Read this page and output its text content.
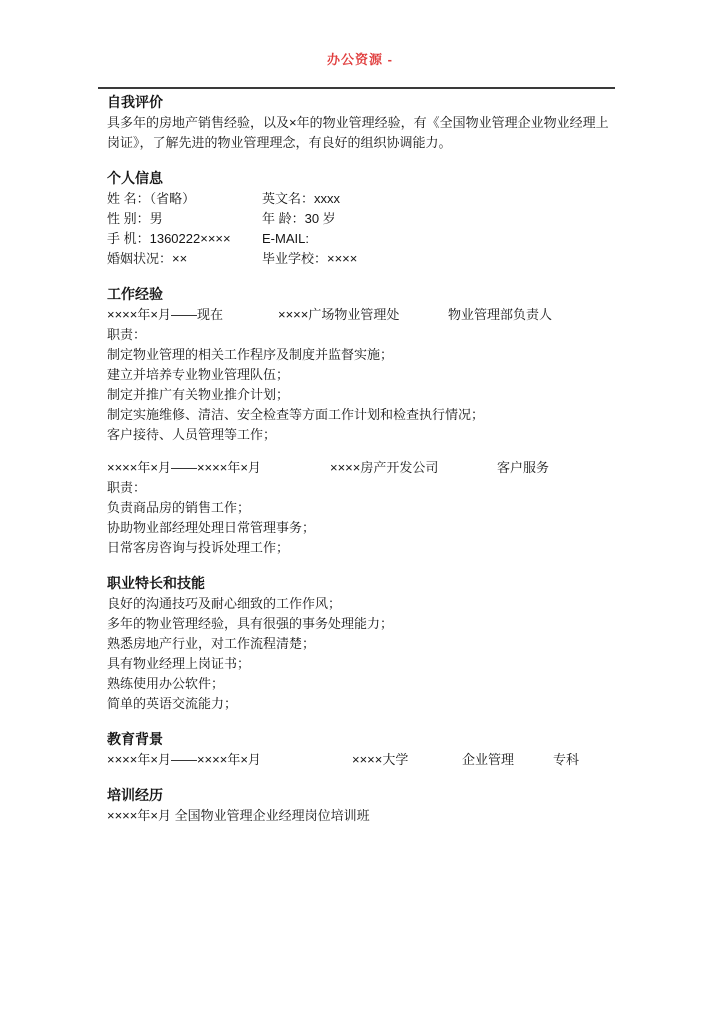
办公资源 -
自我评价
具多年的房地产销售经验，以及×年的物业管理经验，有《全国物业管理企业物业经理上岗证》，了解先进的物业管理理念，有良好的组织协调能力。
个人信息
姓 名：（省略）	英文名：xxxx
性 别：男	年 龄：30 岁
手 机：1360222××××	E-MAIL:
婚姻状况：××	毕业学校：××××
工作经验
××××年×月——现在	××××广场物业管理处	物业管理部负责人
职责：
制定物业管理的相关工作程序及制度并监督实施；
建立并培养专业物业管理队伍；
制定并推广有关物业推介计划；
制定实施维修、清洁、安全检查等方面工作计划和检查执行情况；
客户接待、人员管理等工作；
××××年×月——××××年×月	××××房产开发公司	客户服务
职责：
负责商品房的销售工作；
协助物业部经理处理日常管理事务；
日常客房咨询与投诉处理工作；
职业特长和技能
良好的沟通技巧及耐心细致的工作作风；
多年的物业管理经验，具有很强的事务处理能力；
熟悉房地产行业，对工作流程清楚；
具有物业经理上岗证书；
熟练使用办公软件；
简单的英语交流能力；
教育背景
××××年×月——××××年×月	××××大学	企业管理	专科
培训经历
××××年×月 全国物业管理企业经理岗位培训班
